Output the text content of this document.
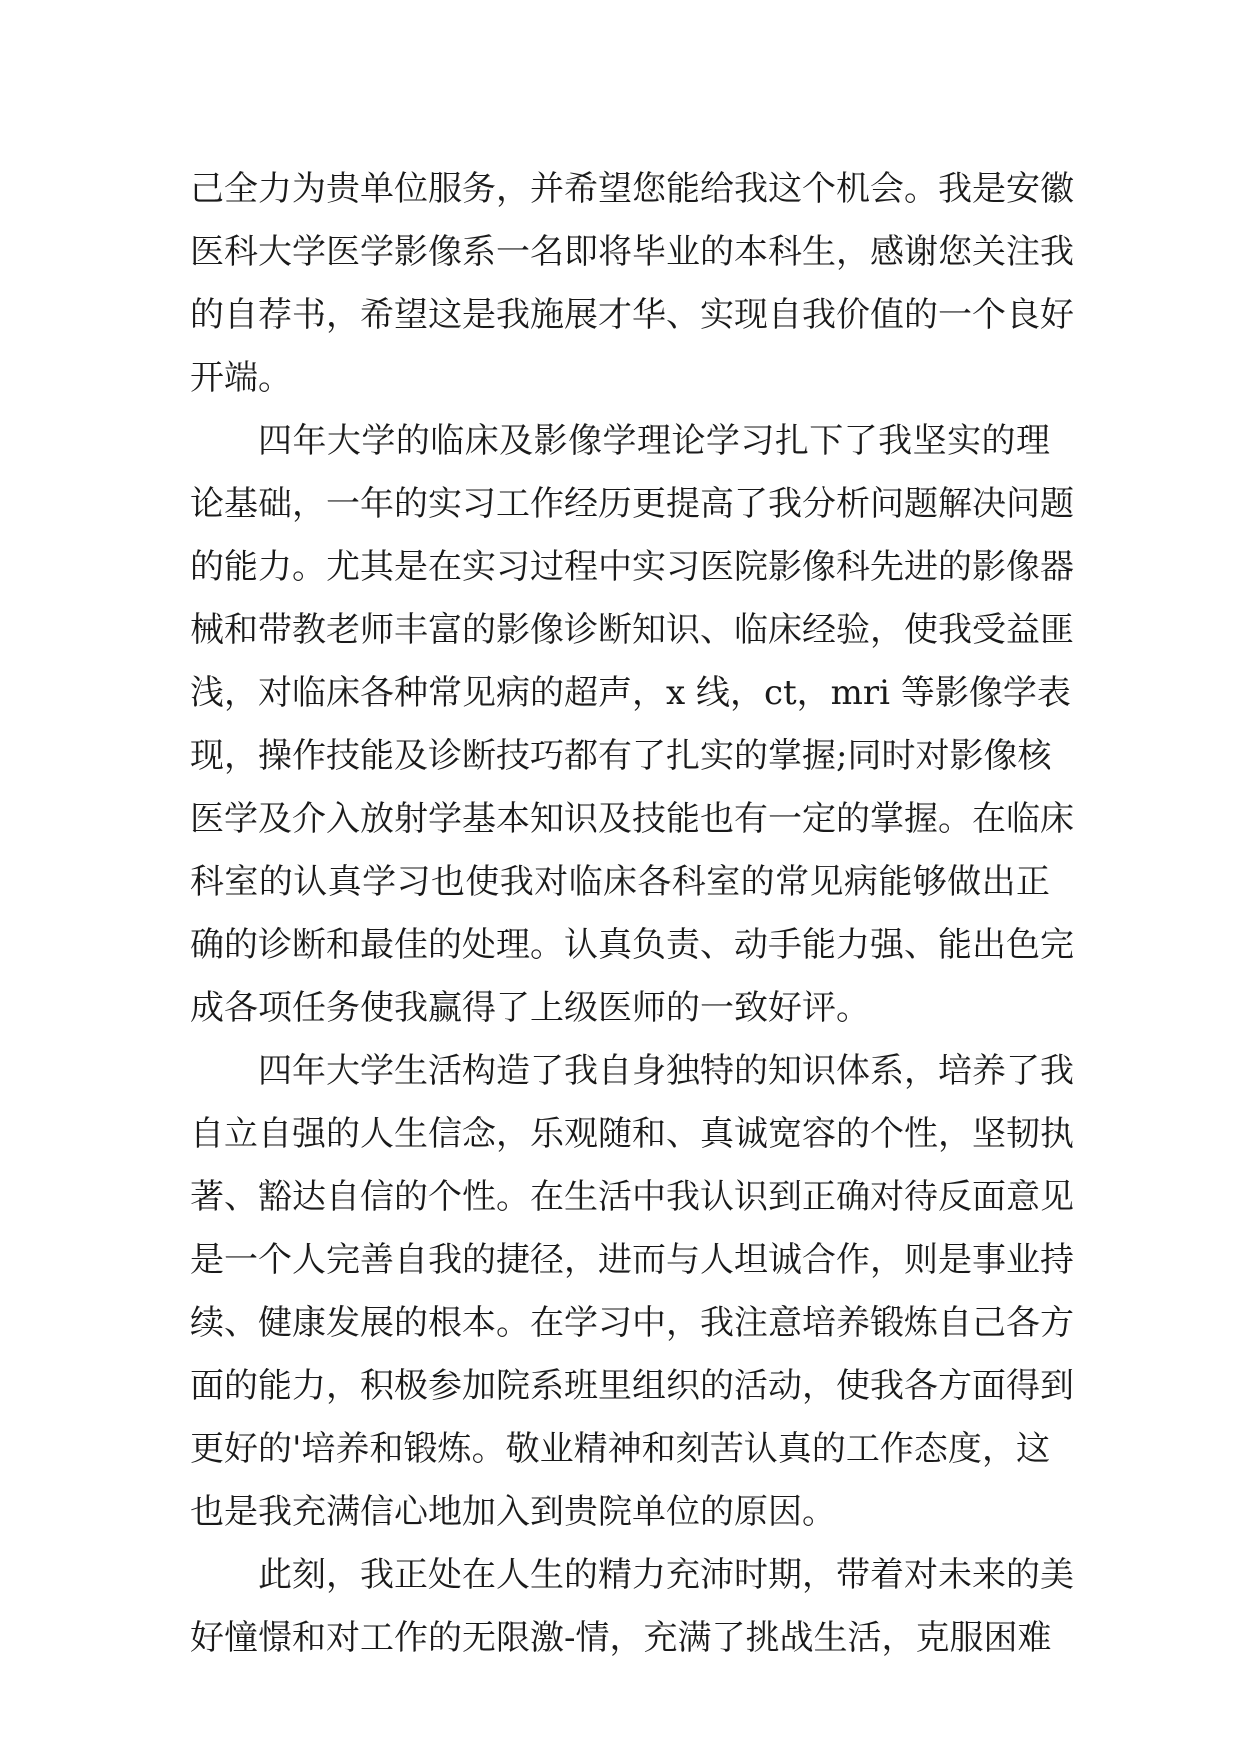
己全力为贵单位服务，并希望您能给我这个机会。我是安徽
医科大学医学影像系一名即将毕业的本科生，感谢您关注我
的自荐书，希望这是我施展才华、实现自我价值的一个良好
开端。
四年大学的临床及影像学理论学习扎下了我坚实的理
论基础，一年的实习工作经历更提高了我分析问题解决问题
的能力。尤其是在实习过程中实习医院影像科先进的影像器
械和带教老师丰富的影像诊断知识、临床经验，使我受益匪
浅，对临床各种常见病的超声，x 线，ct，mri 等影像学表
现，操作技能及诊断技巧都有了扎实的掌握;同时对影像核
医学及介入放射学基本知识及技能也有一定的掌握。在临床
科室的认真学习也使我对临床各科室的常见病能够做出正
确的诊断和最佳的处理。认真负责、动手能力强、能出色完
成各项任务使我赢得了上级医师的一致好评。
四年大学生活构造了我自身独特的知识体系，培养了我
自立自强的人生信念，乐观随和、真诚宽容的个性，坚韧执
著、豁达自信的个性。在生活中我认识到正确对待反面意见
是一个人完善自我的捷径，进而与人坦诚合作，则是事业持
续、健康发展的根本。在学习中，我注意培养锻炼自己各方
面的能力，积极参加院系班里组织的活动，使我各方面得到
更好的'培养和锻炼。敬业精神和刻苦认真的工作态度，这
也是我充满信心地加入到贵院单位的原因。
此刻，我正处在人生的精力充沛时期，带着对未来的美
好憧憬和对工作的无限激-情，充满了挑战生活，克服困难
